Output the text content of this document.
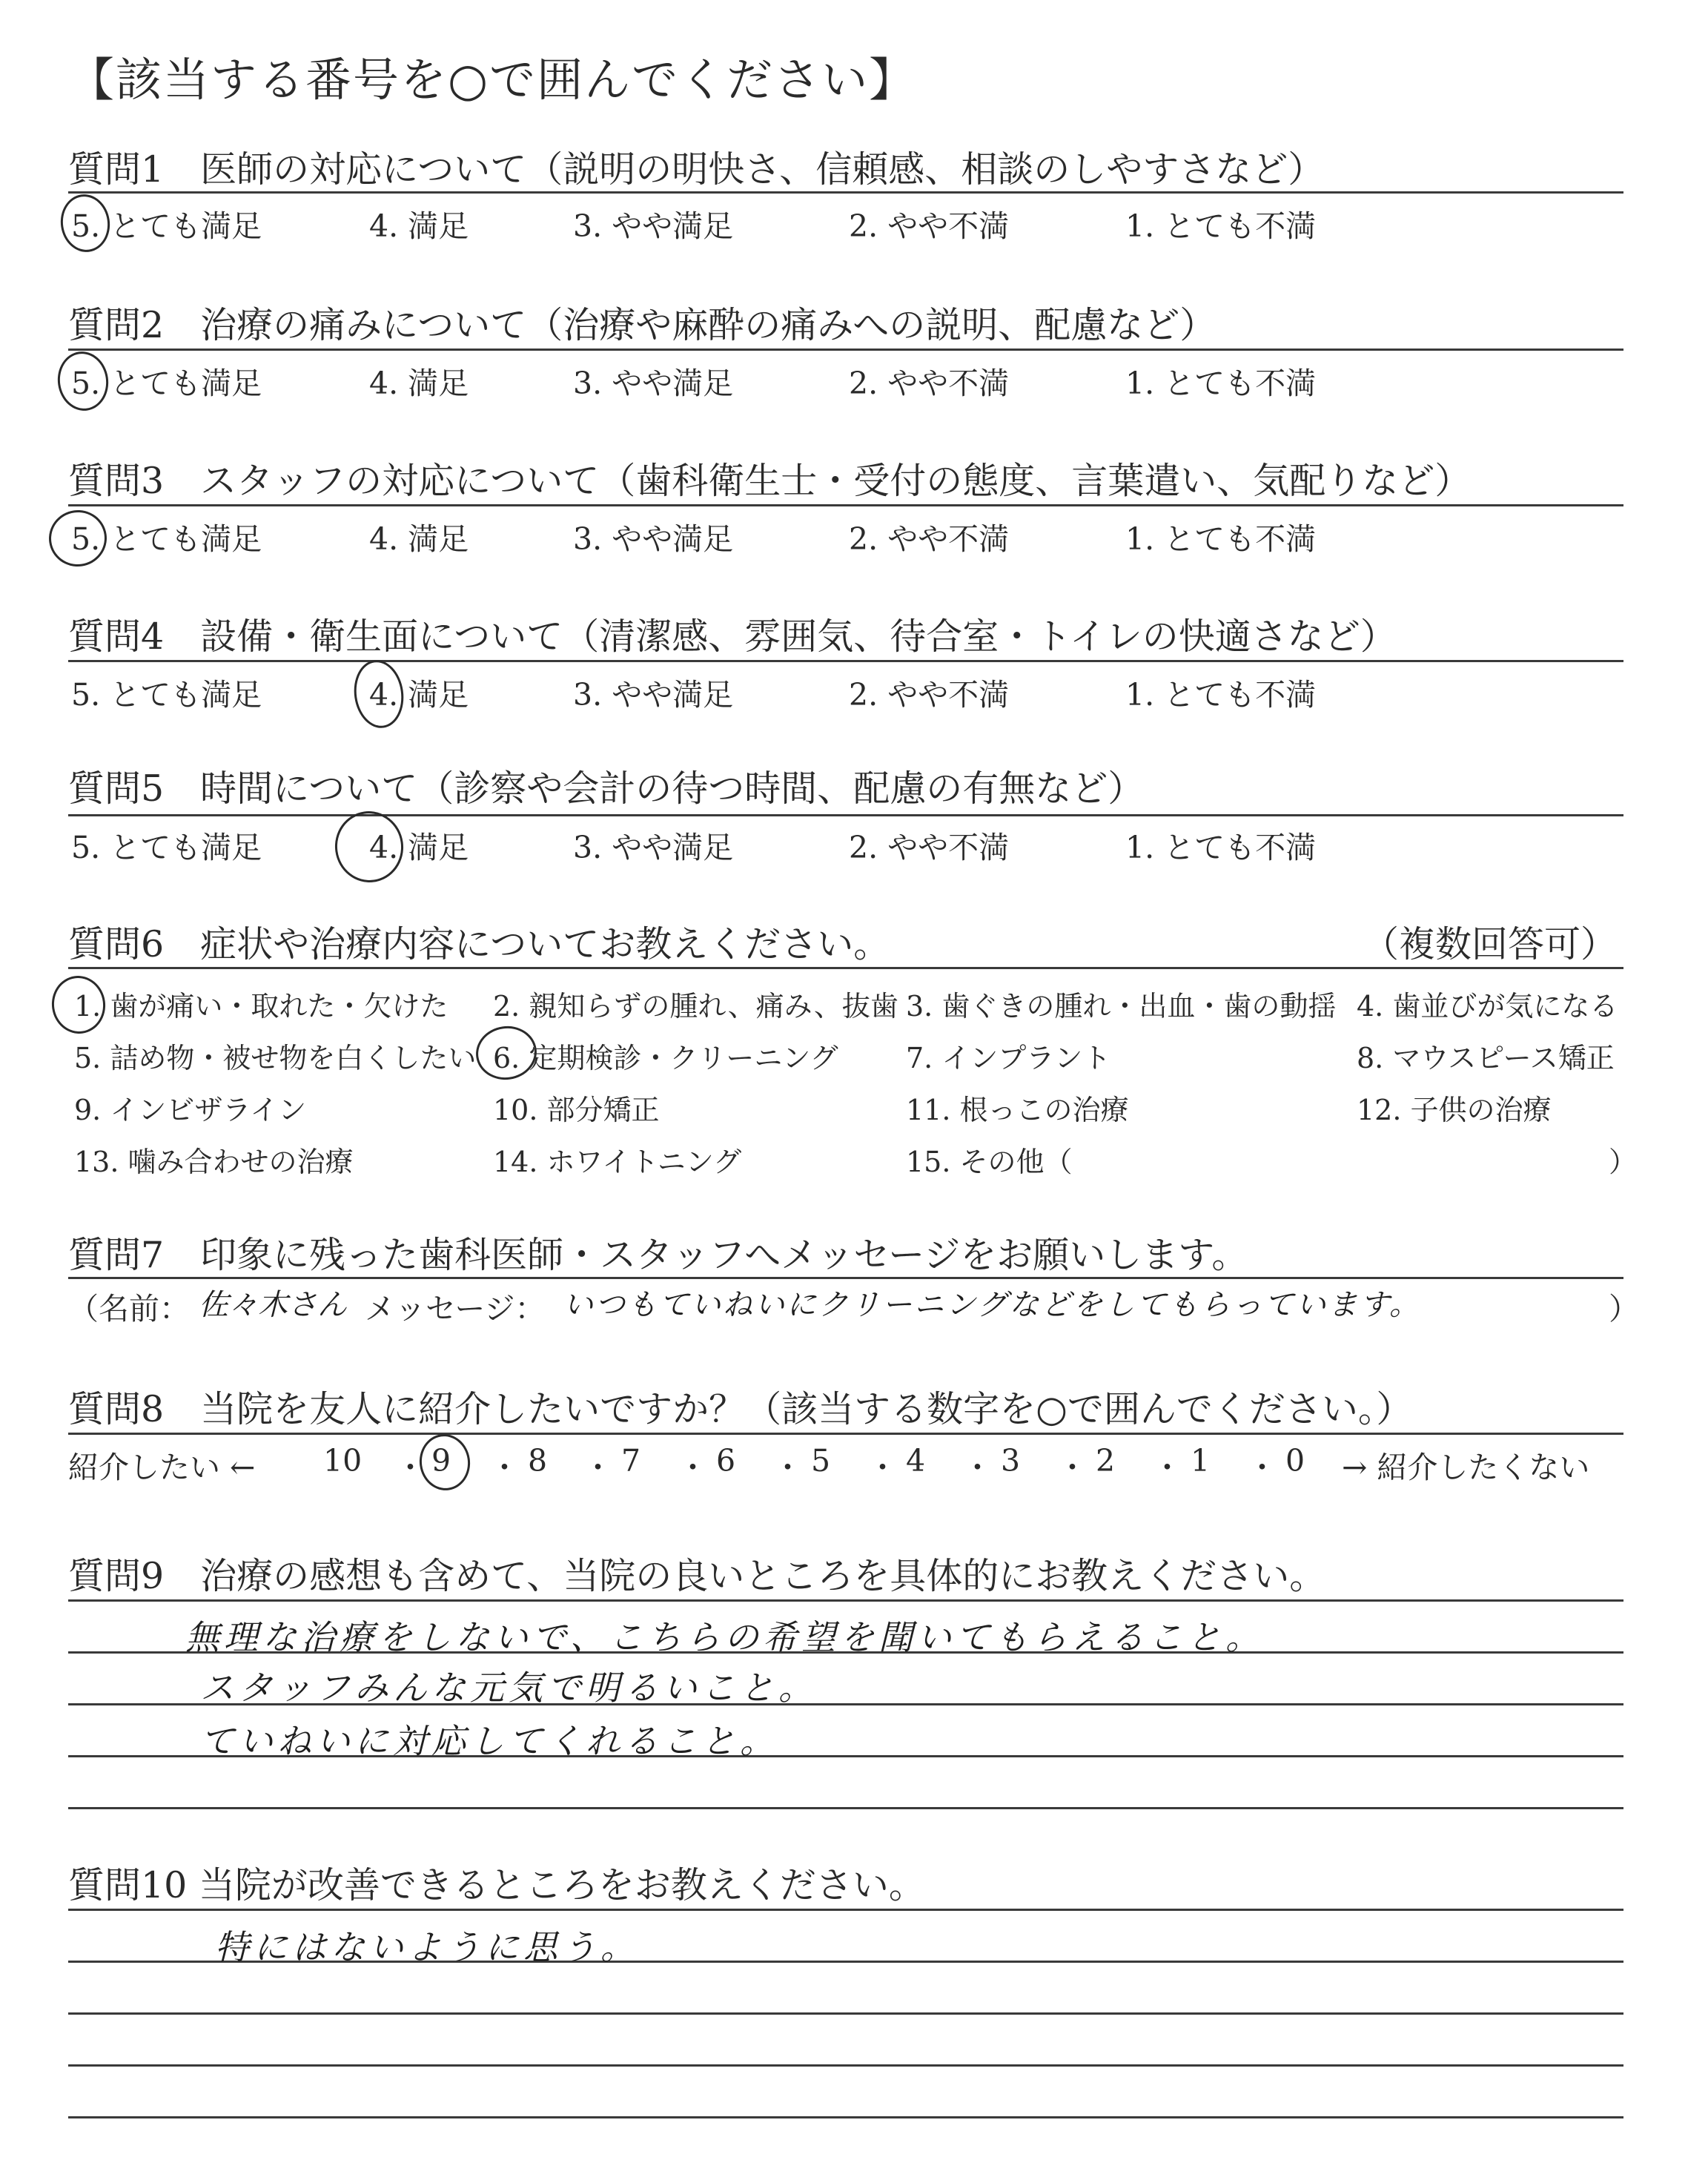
【該当する番号を○で囲んでください】
質問1　医師の対応について（説明の明快さ、信頼感、相談のしやすさなど）
5. とても満足	4. 満足	3. やや満足	2. やや不満	1. とても不満
質問2　治療の痛みについて（治療や麻酔の痛みへの説明、配慮など）
5. とても満足	4. 満足	3. やや満足	2. やや不満	1. とても不満
質問3　スタッフの対応について（歯科衛生士・受付の態度、言葉遣い、気配りなど）
5. とても満足	4. 満足	3. やや満足	2. やや不満	1. とても不満
質問4　設備・衛生面について（清潔感、雰囲気、待合室・トイレの快適さなど）
5. とても満足	4. 満足	3. やや満足	2. やや不満	1. とても不満
質問5　時間について（診察や会計の待つ時間、配慮の有無など）
5. とても満足	4. 満足	3. やや満足	2. やや不満	1. とても不満
質問6　症状や治療内容についてお教えください。	（複数回答可）
1. 歯が痛い・取れた・欠けた 2. 親知らずの腫れ、痛み、抜歯 3. 歯ぐきの腫れ・出血・歯の動揺 4. 歯並びが気になる
5. 詰め物・被せ物を白くしたい 6. 定期検診・クリーニング 7. インプラント	8. マウスピース矯正
9. インビザライン	10. 部分矯正	11. 根っこの治療	12. 子供の治療
13. 噛み合わせの治療	14. ホワイトニング	15. その他（	）
質問7　印象に残った歯科医師・スタッフへメッセージをお願いします。
（名前： 佐々木さん メッセージ： いつもていねいにクリーニングなどをしてもらっています。	）
質問8　当院を友人に紹介したいですか？（該当する数字を○で囲んでください。）
紹介したい ← 10 9	8 7 6 5 4 3 2 1 0 → 紹介したくない
・ ・ ・ ・ ・ ・ ・ ・ ・ ・
質問9　治療の感想も含めて、当院の良いところを具体的にお教えください。
無理な治療をしないで、こちらの希望を聞いてもらえること。
スタッフみんな元気で明るいこと。
ていねいに対応してくれること。
質問10 当院が改善できるところをお教えください。
特にはないように思う。
